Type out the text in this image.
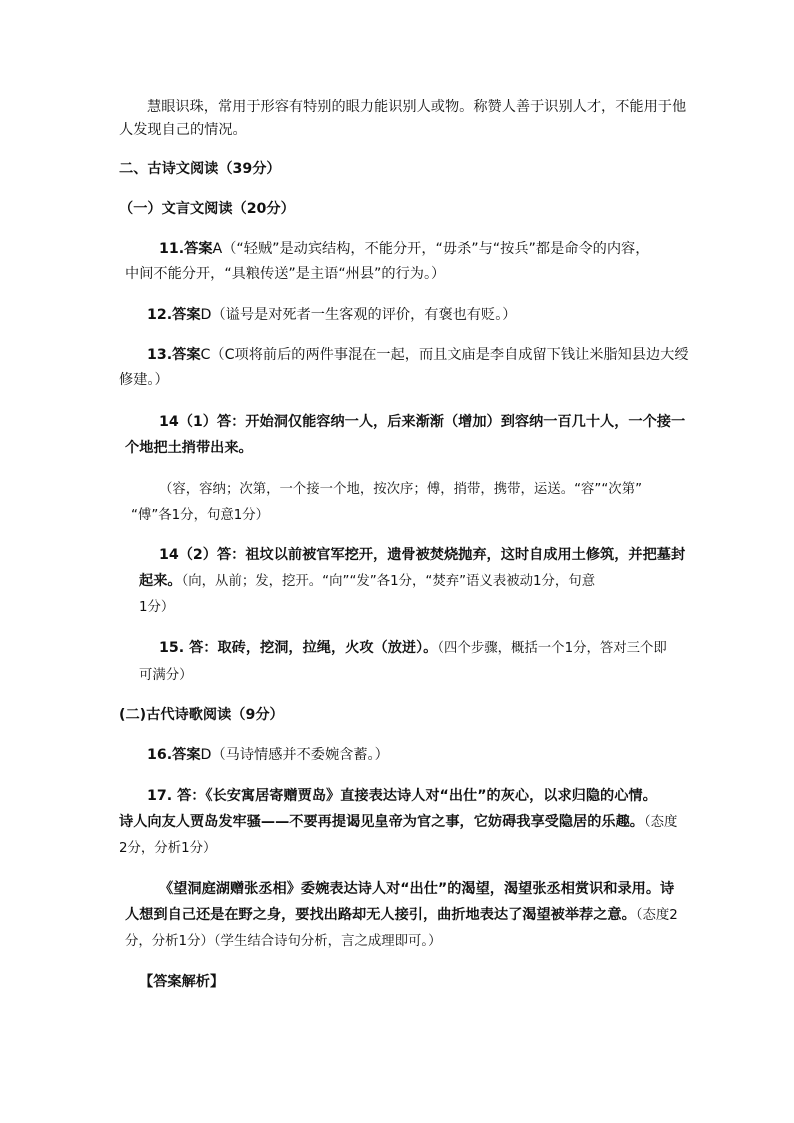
慧眼识珠，常用于形容有特别的眼力能识别人或物。称赞人善于识别人才，不能用于他

人发现自己的情况。

二、古诗文阅读（39分）

（一）文言文阅读（20分）

11.答案A（“轻贼”是动宾结构，不能分开，“毋杀”与“按兵”都是命令的内容，

中间不能分开，“具粮传送”是主语“州县”的行为。）

12.答案D（谥号是对死者一生客观的评价，有褒也有贬。）

13.答案C（C项将前后的两件事混在一起，而且文庙是李自成留下钱让米脂知县边大绶

修建。）

14（1）答：开始洞仅能容纳一人，后来渐渐（增加）到容纳一百几十人，一个接一

个地把土捎带出来。

（容，容纳；次第，一个接一个地，按次序；傅，捎带，携带，运送。“容”“次第”

“傅”各1分，句意1分）

14（2）答：祖坟以前被官军挖开，遗骨被焚烧抛弃，这时自成用土修筑，并把墓封

起来。（向，从前；发，挖开。“向”“发”各1分，“焚弃”语义表被动1分，句意

1分）

15. 答：取砖，挖洞，拉绳，火攻（放迸）。（四个步骤，概括一个1分，答对三个即

可满分）

(二)古代诗歌阅读（9分）

16.答案D（马诗情感并不委婉含蓄。）

17. 答：《长安寓居寄赠贾岛》直接表达诗人对“出仕”的灰心，以求归隐的心情。

诗人向友人贾岛发牢骚——不要再提谒见皇帝为官之事，它妨碍我享受隐居的乐趣。（态度

2分，分析1分）

《望洞庭湖赠张丞相》委婉表达诗人对“出仕”的渴望，渴望张丞相赏识和录用。诗

人想到自己还是在野之身，要找出路却无人接引，曲折地表达了渴望被举荐之意。（态度2

分，分析1分）（学生结合诗句分析，言之成理即可。）

【答案解析】
